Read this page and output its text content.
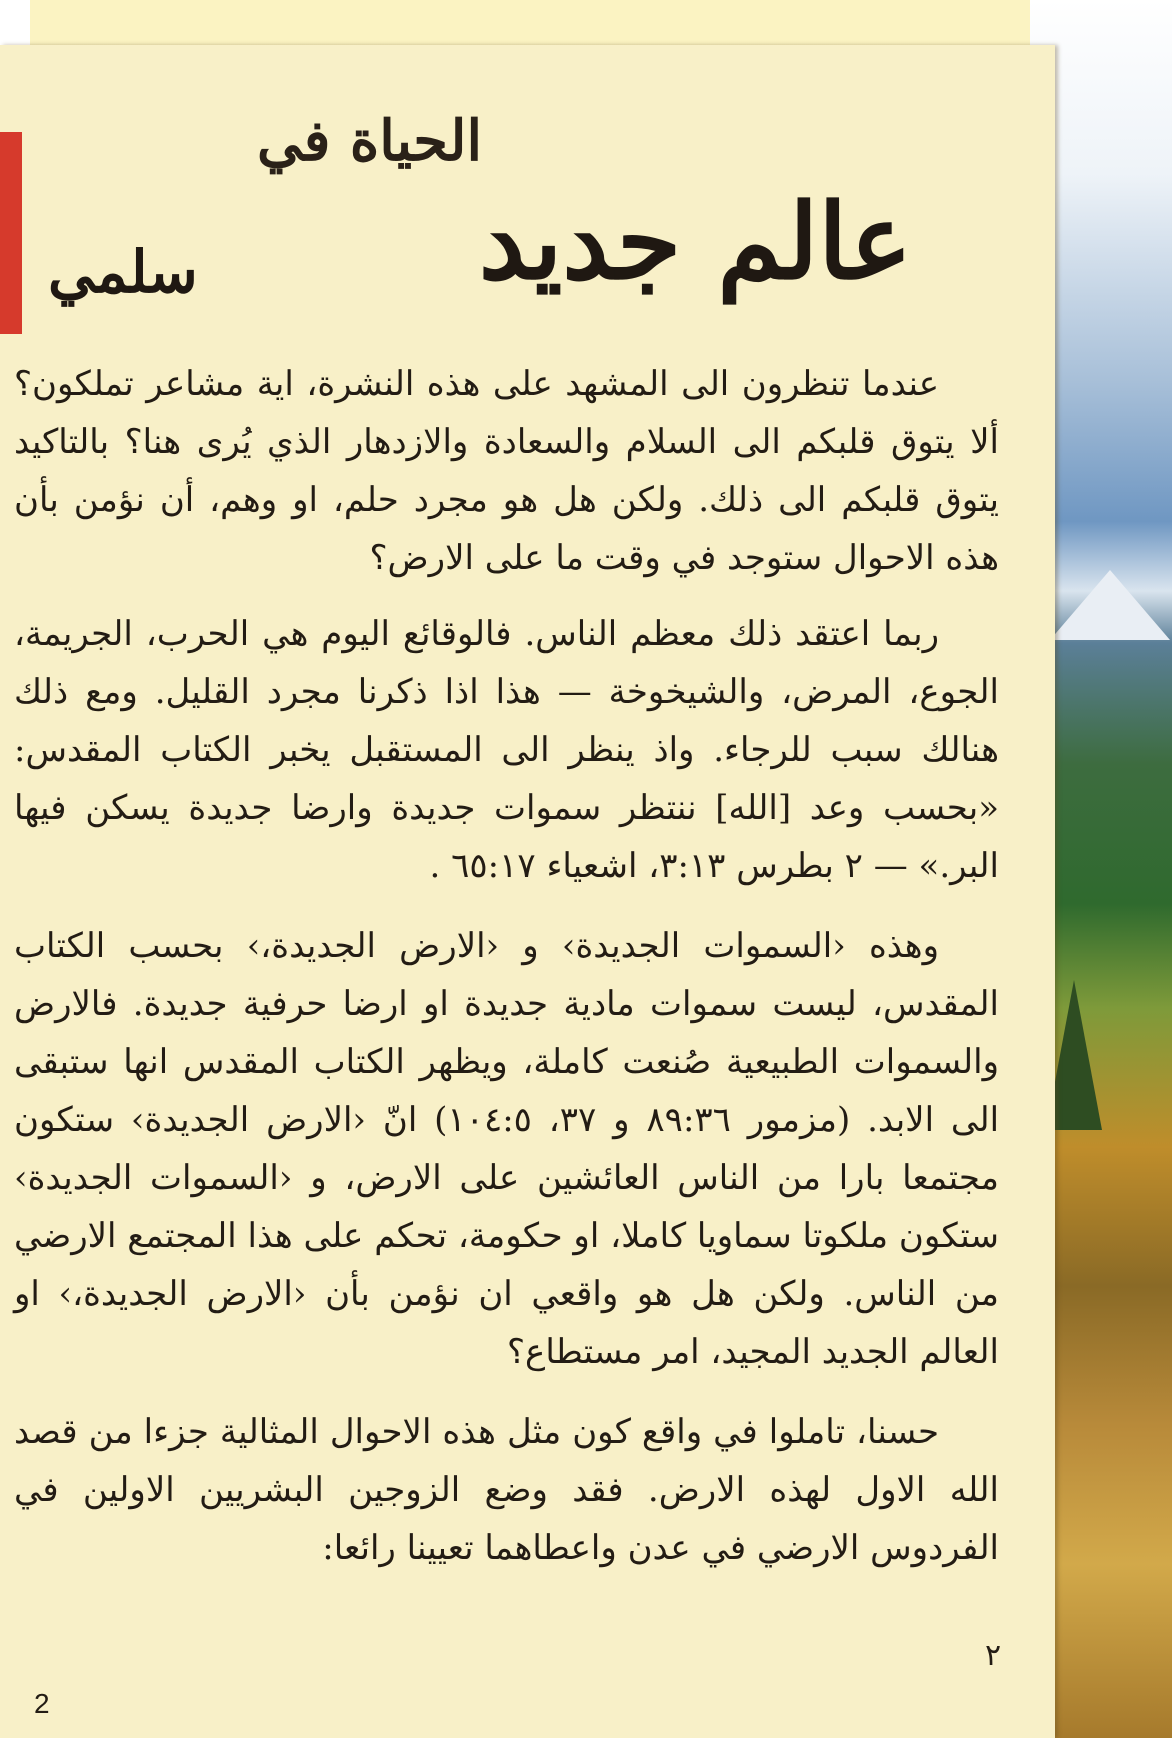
الحياة في
عالم جديد
سلمي

عندما تنظرون الى المشهد على هذه النشرة، اية مشاعر تملكون؟ ألا يتوق قلبكم الى السلام والسعادة والازدهار الذي يُرى هنا؟ بالتاكيد يتوق قلبكم الى ذلك. ولكن هل هو مجرد حلم، او وهم، أن نؤمن بأن هذه الاحوال ستوجد في وقت ما على الارض؟

ربما اعتقد ذلك معظم الناس. فالوقائع اليوم هي الحرب، الجريمة، الجوع، المرض، والشيخوخة — هذا اذا ذكرنا مجرد القليل. ومع ذلك هنالك سبب للرجاء. واذ ينظر الى المستقبل يخبر الكتاب المقدس: «بحسب وعد [الله] ننتظر سموات جديدة وارضا جديدة يسكن فيها البر.» — ٢ بطرس ٣:١٣، اشعياء ٦٥:١٧ .

وهذه ‹السموات الجديدة› و ‹الارض الجديدة،› بحسب الكتاب المقدس، ليست سموات مادية جديدة او ارضا حرفية جديدة. فالارض والسموات الطبيعية صُنعت كاملة، ويظهر الكتاب المقدس انها ستبقى الى الابد. (مزمور ٨٩:٣٦ و ٣٧، ١٠٤:٥) انّ ‹الارض الجديدة› ستكون مجتمعا بارا من الناس العائشين على الارض، و ‹السموات الجديدة› ستكون ملكوتا سماويا كاملا، او حكومة، تحكم على هذا المجتمع الارضي من الناس. ولكن هل هو واقعي ان نؤمن بأن ‹الارض الجديدة،› او العالم الجديد المجيد، امر مستطاع؟

حسنا، تاملوا في واقع كون مثل هذه الاحوال المثالية جزءا من قصد الله الاول لهذه الارض. فقد وضع الزوجين البشريين الاولين في الفردوس الارضي في عدن واعطاهما تعيينا رائعا:

٢
2
